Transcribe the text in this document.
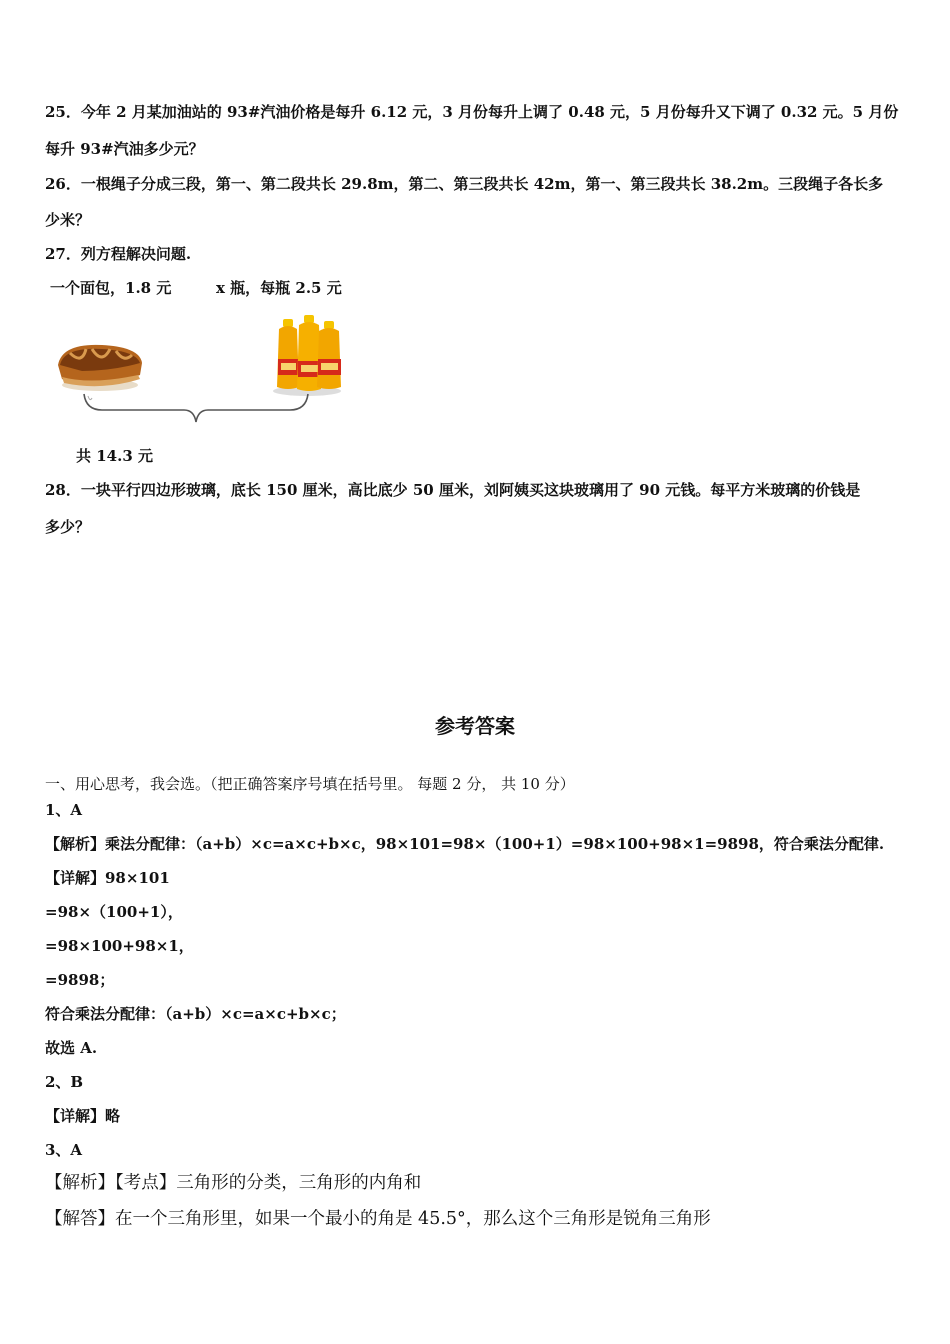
25．今年 2 月某加油站的 93#汽油价格是每升 6.12 元，3 月份每升上调了 0.48 元，5 月份每升又下调了 0.32 元。5 月份
每升 93#汽油多少元？
26．一根绳子分成三段，第一、第二段共长 29.8m，第二、第三段共长 42m，第一、第三段共长 38.2m。三段绳子各长多
少米？
27．列方程解决问题.
一个面包，1.8 元	x 瓶，每瓶 2.5 元
共 14.3 元
28．一块平行四边形玻璃，底长 150 厘米，高比底少 50 厘米，刘阿姨买这块玻璃用了 90 元钱。每平方米玻璃的价钱是
多少？
参考答案
一、用心思考，我会选。（把正确答案序号填在括号里。 每题 2 分， 共 10 分）
1、A
【解析】乘法分配律：（a+b）×c=a×c+b×c，98×101=98×（100+1）=98×100+98×1=9898，符合乘法分配律.
【详解】98×101
=98×（100+1），
=98×100+98×1，
=9898；
符合乘法分配律：（a+b）×c=a×c+b×c；
故选 A.
2、B
【详解】略
3、A
【解析】【考点】三角形的分类，三角形的内角和
【解答】在一个三角形里，如果一个最小的角是 45.5°，那么这个三角形是锐角三角形
